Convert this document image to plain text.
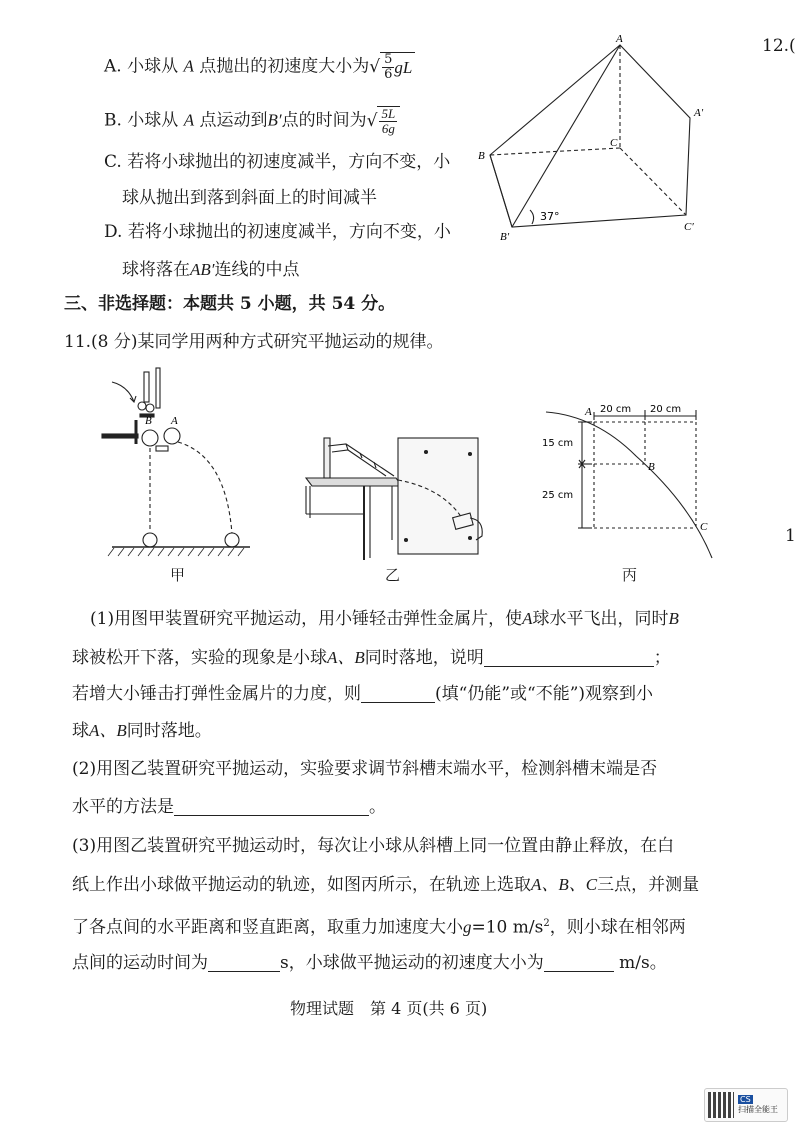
12.(
1
A. 小球从 A 点抛出的初速度大小为 √ $\frac{5}{6}$ gL
B. 小球从 A 点运动到B′点的时间为 √ $\frac{5L}{6g}$
C. 若将小球抛出的初速度减半，方向不变，小
球从抛出到落到斜面上的时间减半
D. 若将小球抛出的初速度减半，方向不变，小
球将落在AB′连线的中点
A
A′
B
B′
C
C′
37°
三、非选择题：本题共 5 小题，共 54 分。
11.(8 分)某同学用两种方式研究平抛运动的规律。
B A
甲	乙
20 cm 20 cm
15 cm
25 cm
A
B
C
丙
(1)用图甲装置研究平抛运动，用小锤轻击弹性金属片，使A球水平飞出，同时B
球被松开下落，实验的现象是小球A、B同时落地，说明	；
若增大小锤击打弹性金属片的力度，则	(填“仍能”或“不能”)观察到小
球A、B同时落地。
(2)用图乙装置研究平抛运动，实验要求调节斜槽末端水平，检测斜槽末端是否
水平的方法是	。
(3)用图乙装置研究平抛运动时，每次让小球从斜槽上同一位置由静止释放，在白
纸上作出小球做平抛运动的轨迹，如图丙所示，在轨迹上选取A、B、C三点，并测量
了各点间的水平距离和竖直距离，取重力加速度大小g=10 $m/s^2$，则小球在相邻两
点间的运动时间为	s，小球做平抛运动的初速度大小为	m/s。
物理试题　第 4 页(共 6 页)
CS
扫描全能王
